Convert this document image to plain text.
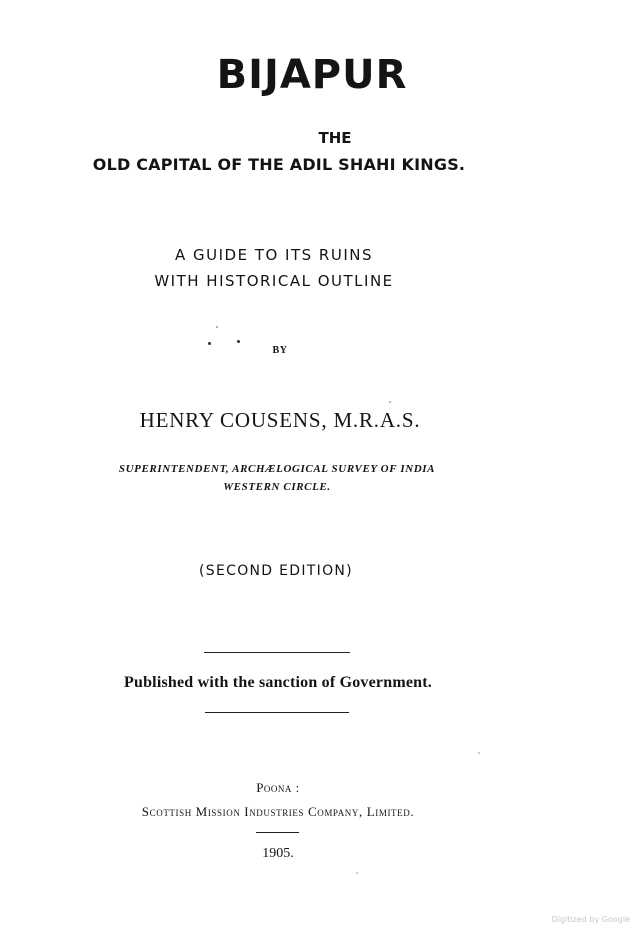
BIJAPUR
THE
OLD CAPITAL OF THE ADIL SHAHI KINGS.
A GUIDE TO ITS RUINS
WITH HISTORICAL OUTLINE
BY
HENRY COUSENS, M.R.A.S.
SUPERINTENDENT, ARCHÆLOGICAL SURVEY OF INDIA
WESTERN CIRCLE.
(SECOND EDITION)
Published with the sanction of Government.
Poona :
Scottish Mission Industries Company, Limited.
1905.
Digitized by Google
